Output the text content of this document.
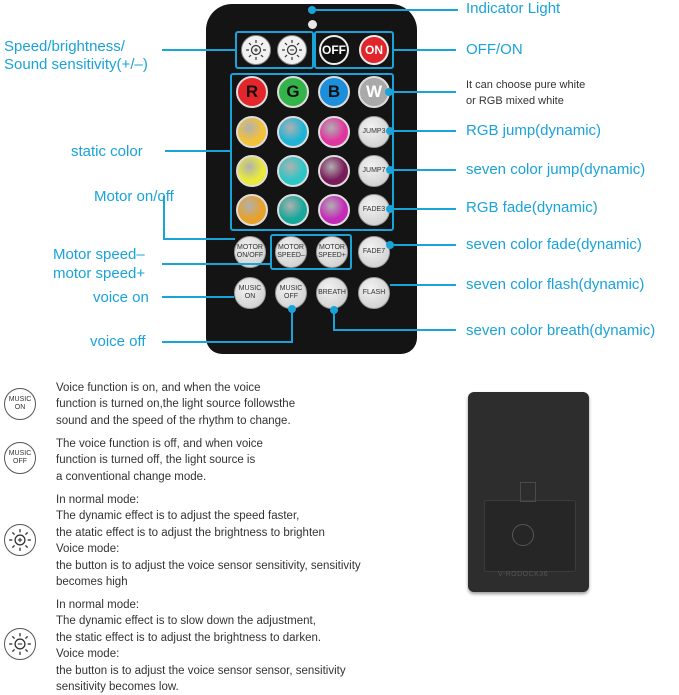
OFF	ON
R	G	B	W
JUMP3
JUMP7
FADE3
FADE7
FLASH
MOTOR
ON/OFF
MOTOR
SPEED–
MOTOR
SPEED+
MUSIC
ON
MUSIC
OFF
BREATH
Indicator Light
Speed/brightness/
Sound sensitivity(+/–)
OFF/ON
It can choose pure white
or RGB mixed white
RGB jump(dynamic)
seven color jump(dynamic)
RGB fade(dynamic)
seven color fade(dynamic)
seven color flash(dynamic)
seven color breath(dynamic)
static color
Motor on/off
Motor speed–
motor speed+
voice on
voice off
MUSIC
ON
Voice function is on, and when the voice
function is turned on,the light source followsthe
sound and the speed of the rhythm to change.
MUSIC
OFF
The voice function is off, and when voice
function is turned off, the light source is
a conventional change mode.
In normal mode:
The dynamic effect is to adjust the speed faster,
the atatic effect is to adjust the brightness to brighten
Voice mode:
the button is to adjust the voice sensor sensitivity, sensitivity
becomes high
In normal mode:
The dynamic effect is to slow down the adjustment,
the static effect is to adjust the brightness to darken.
Voice mode:
the button is to adjust the voice sensor sensor, sensitivity
sensitivity becomes low.
V-RODOCK36
